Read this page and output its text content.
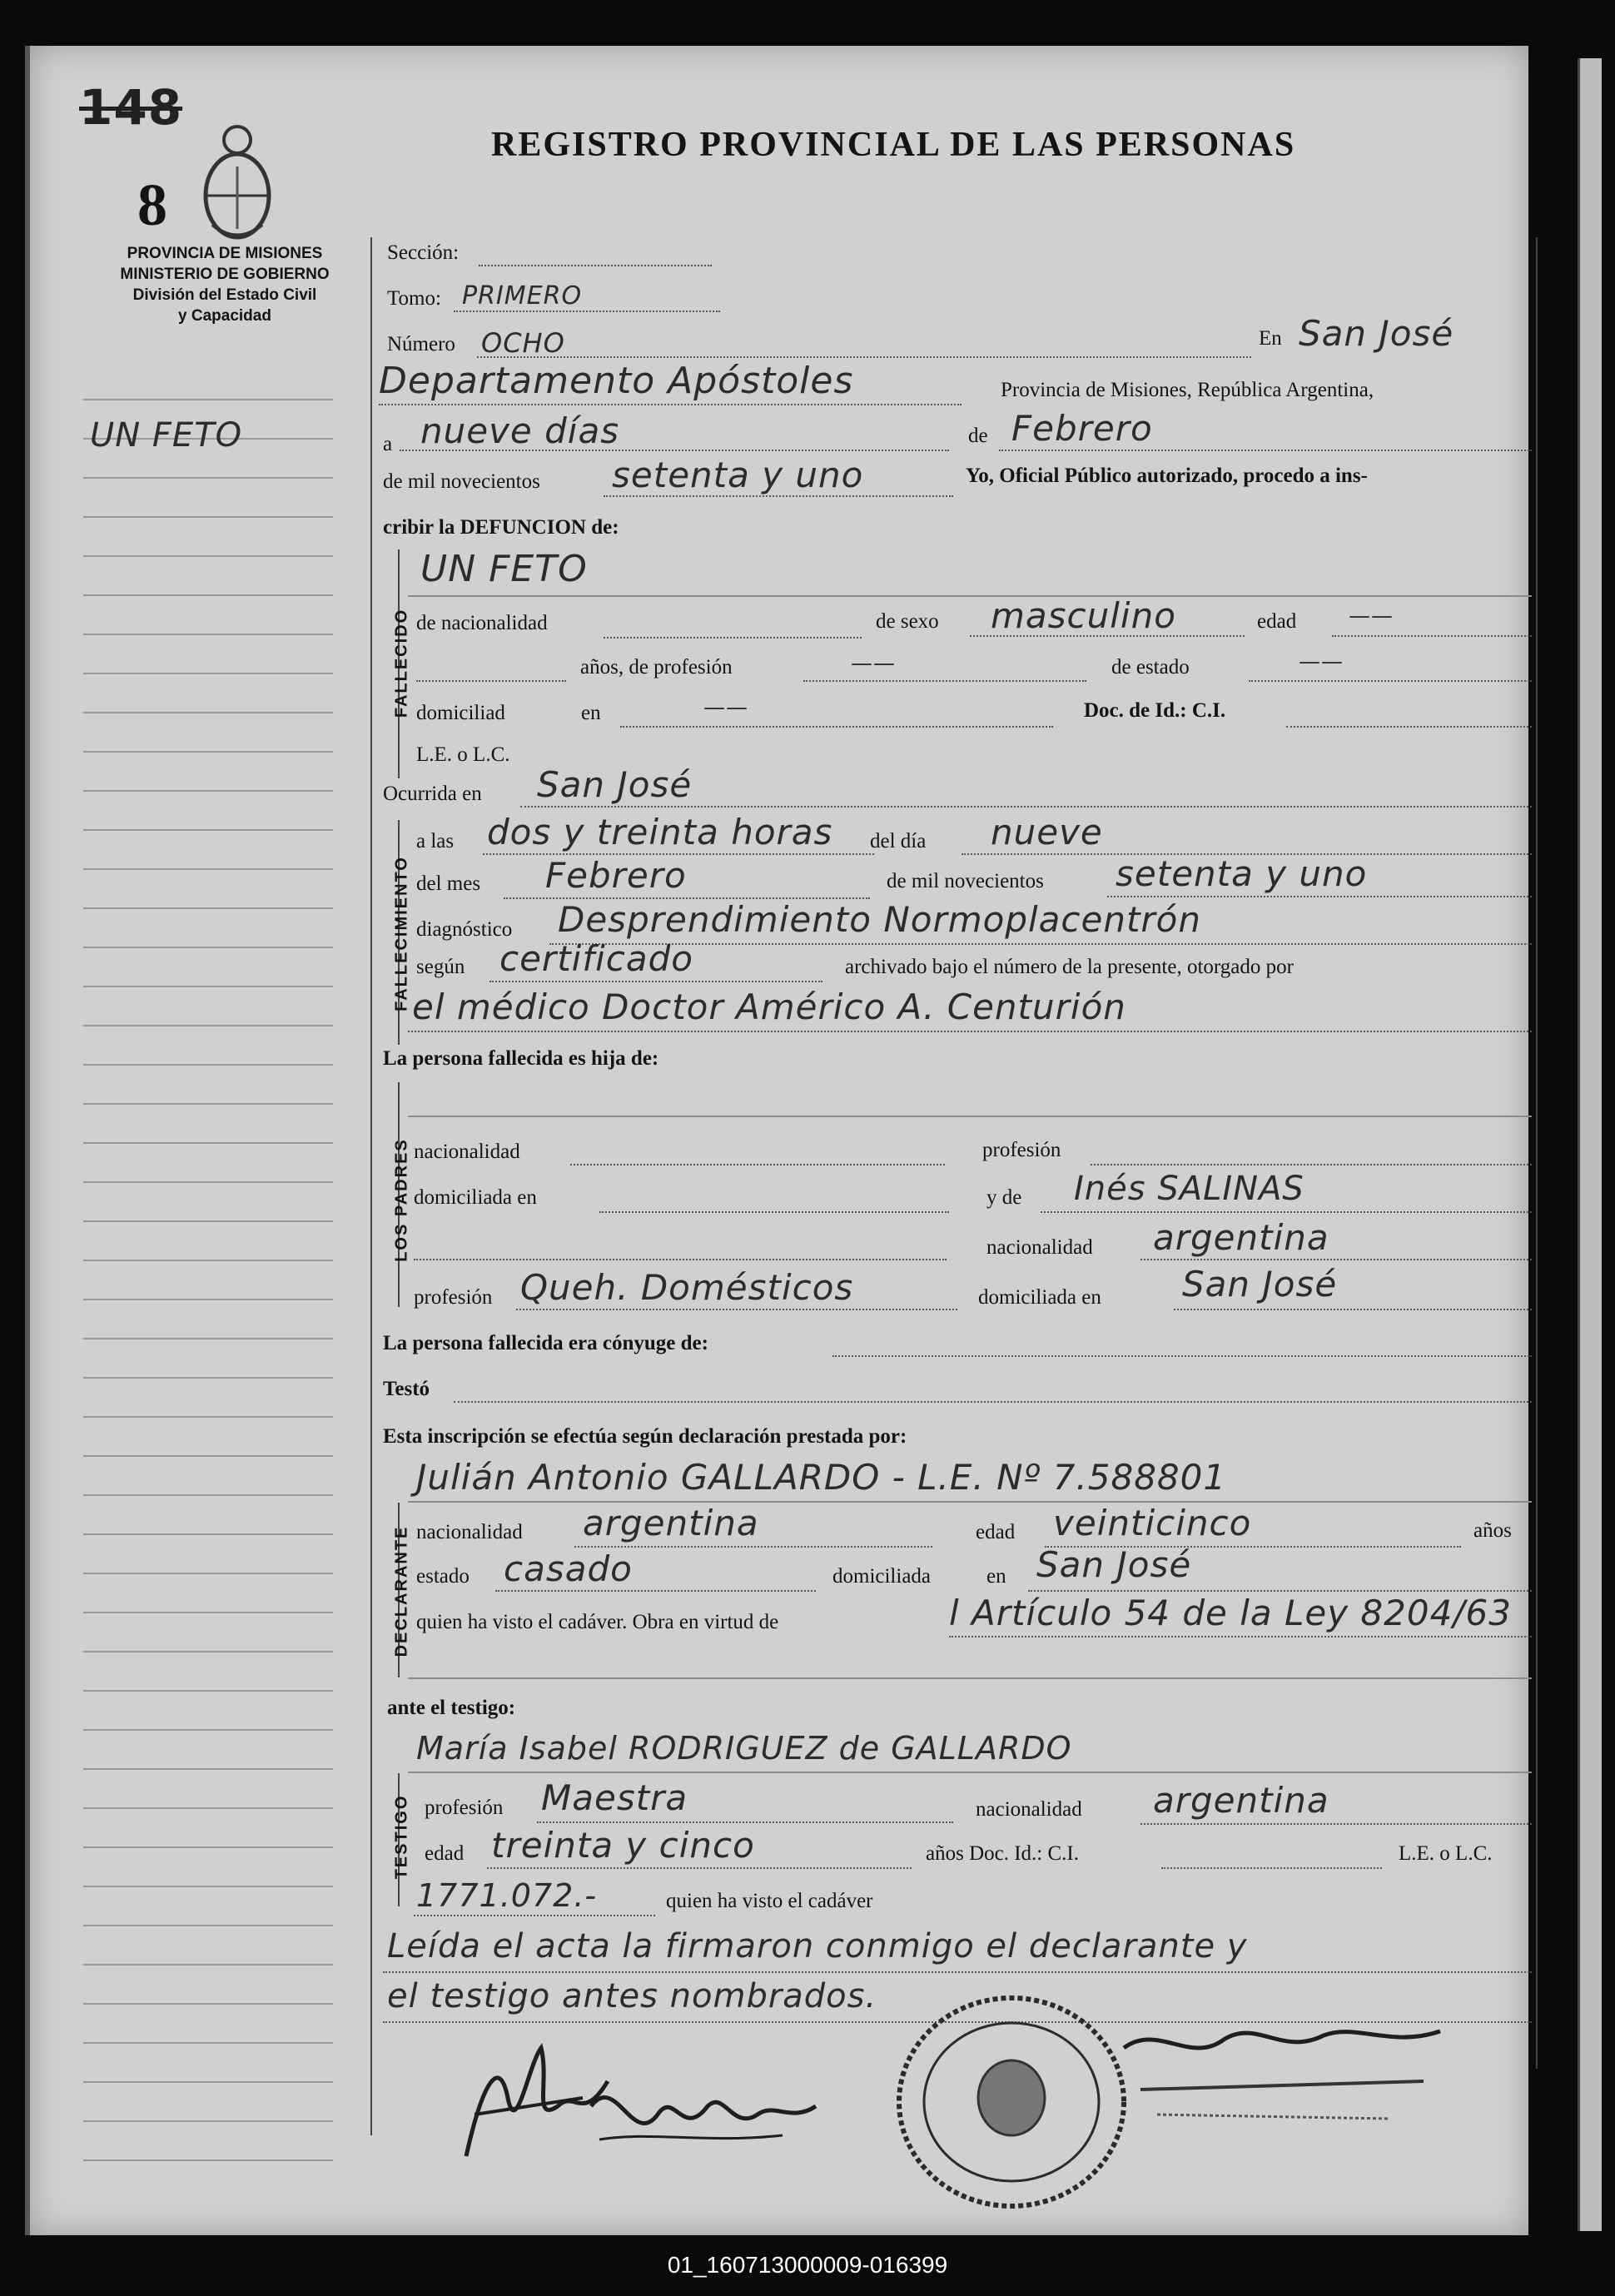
148
8
PROVINCIA DE MISIONES
MINISTERIO DE GOBIERNO
División del Estado Civil
y Capacidad
REGISTRO PROVINCIAL DE LAS PERSONAS
UN FETO
Sección:
Tomo: PRIMERO
Número OCHO	En San José
Departamento Apóstoles	Provincia de Misiones, República Argentina,
a nueve días	de Febrero
de mil novecientos setenta y uno	Yo, Oficial Público autorizado, procedo a ins-
cribir la DEFUNCION de:
FALLECIDO
UN FETO
de nacionalidad	de sexo masculino	edad ——
años, de profesión	——	de estado	——
domiciliad	en	——	Doc. de Id.: C.I.
L.E. o L.C.
Ocurrida en San José
FALLECIMIENTO
a las dos y treinta horas del día nueve
del mes Febrero	de mil novecientos setenta y uno
diagnóstico Desprendimiento Normoplacentrón
según certificado	archivado bajo el número de la presente, otorgado por
el médico Doctor Américo A. Centurión
La persona fallecida es hija de:
LOS PADRES nacionalidad	profesión
domiciliada en	y de Inés SALINAS
nacionalidad argentina
profesión Queh. Domésticos	domiciliada en San José
La persona fallecida era cónyuge de:
Testó
Esta inscripción se efectúa según declaración prestada por:
Julián Antonio GALLARDO - L.E. Nº 7.588801
DECLARANTE nacionalidad argentina	edad veinticinco	años
estado casado	domiciliada	en San José
quien ha visto el cadáver. Obra en virtud de	l Artículo 54 de la Ley 8204/63
ante el testigo:
María Isabel RODRIGUEZ de GALLARDO
TESTIGO profesión Maestra	nacionalidad argentina
edad treinta y cinco	años Doc. Id.: C.I.	L.E. o L.C.
1771.072.-	quien ha visto el cadáver
Leída el acta la firmaron conmigo el declarante y
el testigo antes nombrados.
01_160713000009-016399
